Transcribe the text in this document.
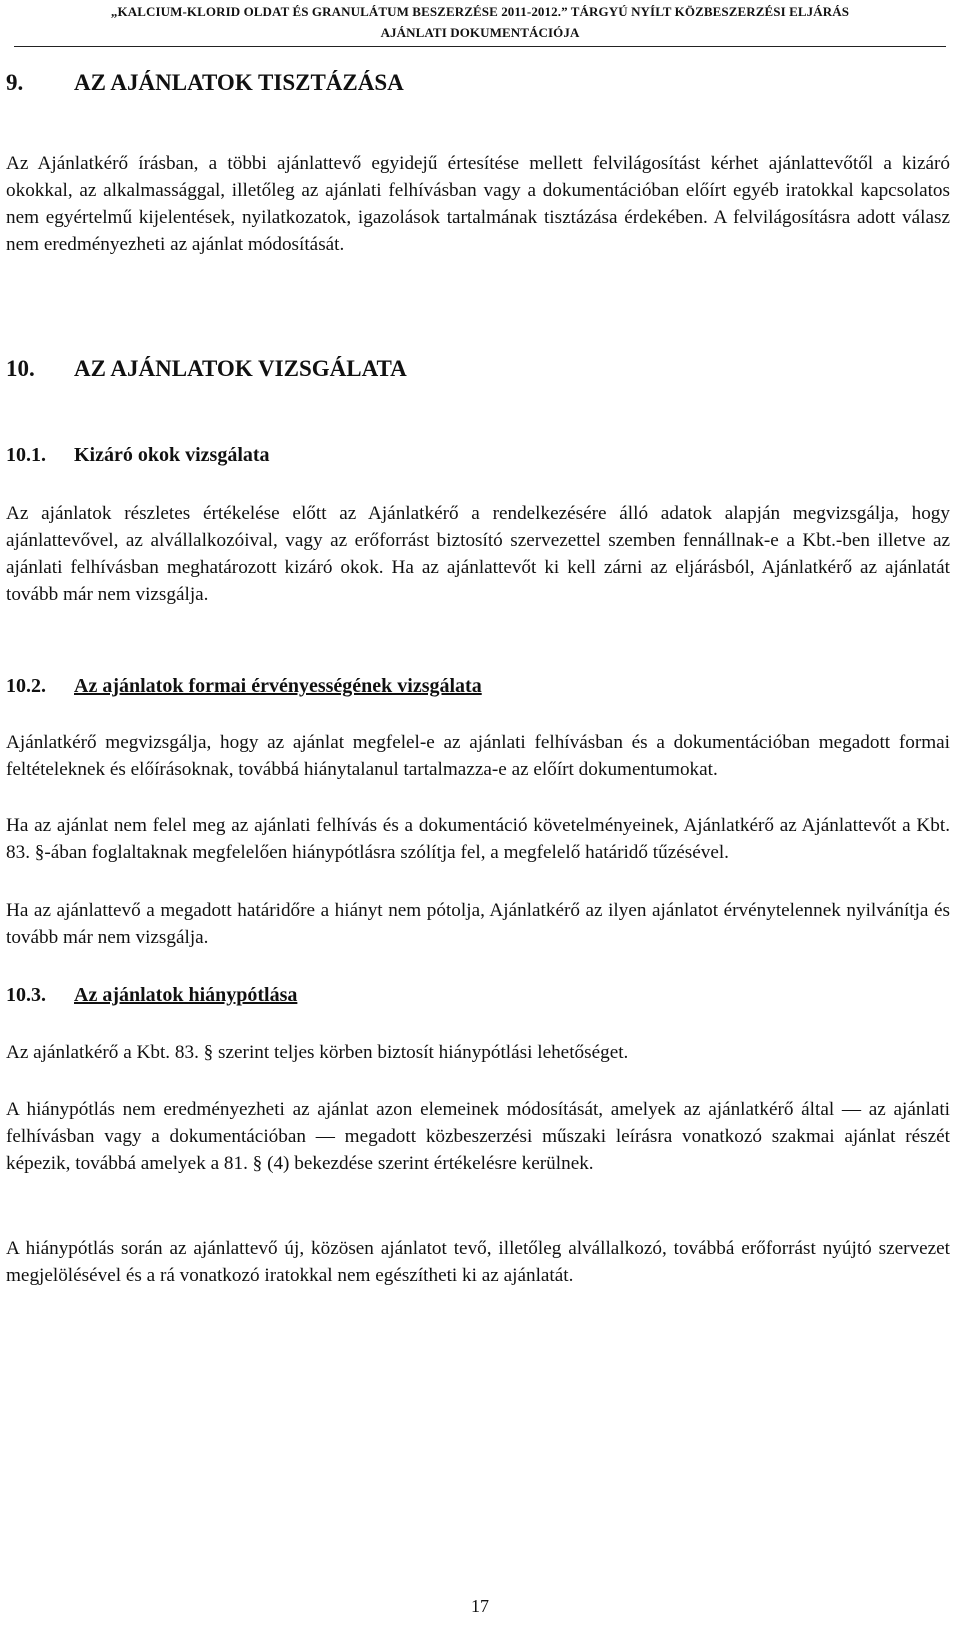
„KALCIUM-KLORID OLDAT ÉS GRANULÁTUM BESZERZÉSE 2011-2012.” TÁRGYÚ NYÍLT KÖZBESZERZÉSI ELJÁRÁS
AJÁNLATI DOKUMENTÁCIÓJA
9. AZ AJÁNLATOK TISZTÁZÁSA
Az Ajánlatkérő írásban, a többi ajánlattevő egyidejű értesítése mellett felvilágosítást kérhet ajánlattevőtől a kizáró okokkal, az alkalmassággal, illetőleg az ajánlati felhívásban vagy a dokumentációban előírt egyéb iratokkal kapcsolatos nem egyértelmű kijelentések, nyilatkozatok, igazolások tartalmának tisztázása érdekében. A felvilágosításra adott válasz nem eredményezheti az ajánlat módosítását.
10. AZ AJÁNLATOK VIZSGÁLATA
10.1. Kizáró okok vizsgálata
Az ajánlatok részletes értékelése előtt az Ajánlatkérő a rendelkezésére álló adatok alapján megvizsgálja, hogy ajánlattevővel, az alvállalkozóival, vagy az erőforrást biztosító szervezettel szemben fennállnak-e a Kbt.-ben illetve az ajánlati felhívásban meghatározott kizáró okok. Ha az ajánlattevőt ki kell zárni az eljárásból, Ajánlatkérő az ajánlatát tovább már nem vizsgálja.
10.2. Az ajánlatok formai érvényességének vizsgálata
Ajánlatkérő megvizsgálja, hogy az ajánlat megfelel-e az ajánlati felhívásban és a dokumentációban megadott formai feltételeknek és előírásoknak, továbbá hiánytalanul tartalmazza-e az előírt dokumentumokat.
Ha az ajánlat nem felel meg az ajánlati felhívás és a dokumentáció követelményeinek, Ajánlatkérő az Ajánlattevőt a Kbt. 83. §-ában foglaltaknak megfelelően hiánypótlásra szólítja fel, a megfelelő határidő tűzésével.
Ha az ajánlattevő a megadott határidőre a hiányt nem pótolja, Ajánlatkérő az ilyen ajánlatot érvénytelennek nyilvánítja és tovább már nem vizsgálja.
10.3. Az ajánlatok hiánypótlása
Az ajánlatkérő a Kbt. 83. § szerint teljes körben biztosít hiánypótlási lehetőséget.
A hiánypótlás nem eredményezheti az ajánlat azon elemeinek módosítását, amelyek az ajánlatkérő által — az ajánlati felhívásban vagy a dokumentációban — megadott közbeszerzési műszaki leírásra vonatkozó szakmai ajánlat részét képezik, továbbá amelyek a 81. § (4) bekezdése szerint értékelésre kerülnek.
A hiánypótlás során az ajánlattevő új, közösen ajánlatot tevő, illetőleg alvállalkozó, továbbá erőforrást nyújtó szervezet megjelölésével és a rá vonatkozó iratokkal nem egészítheti ki az ajánlatát.
17
